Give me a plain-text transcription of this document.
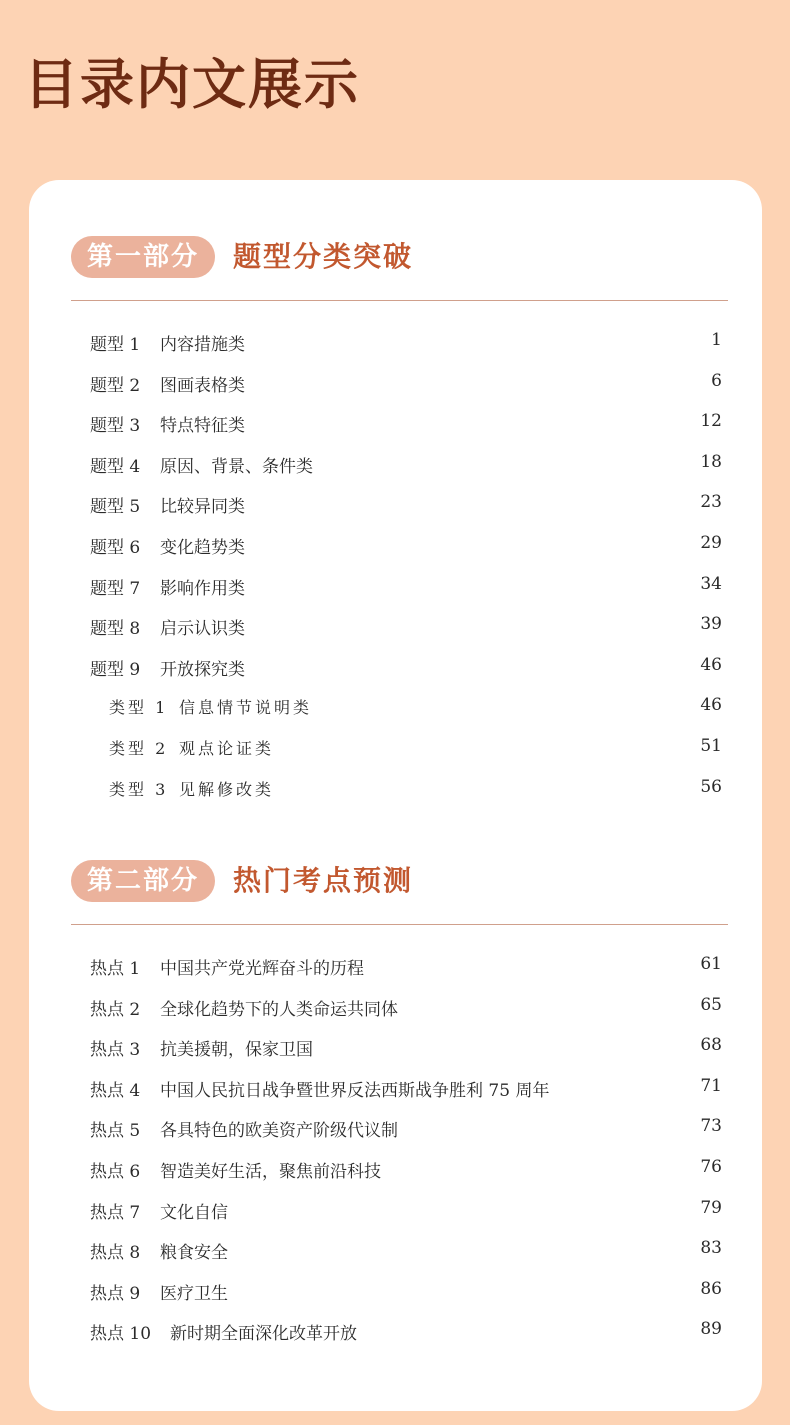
目录内文展示
第一部分	题型分类突破
题型 1 内容措施类	1
题型 2 图画表格类	6
题型 3 特点特征类	12
题型 4 原因、背景、条件类	18
题型 5 比较异同类	23
题型 6 变化趋势类	29
题型 7 影响作用类	34
题型 8 启示认识类	39
题型 9 开放探究类	46
类型 1 信息情节说明类	46
类型 2 观点论证类	51
类型 3 见解修改类	56
第二部分	热门考点预测
热点 1 中国共产党光辉奋斗的历程	61
热点 2 全球化趋势下的人类命运共同体	65
热点 3 抗美援朝，保家卫国	68
热点 4 中国人民抗日战争暨世界反法西斯战争胜利 75 周年	71
热点 5 各具特色的欧美资产阶级代议制	73
热点 6 智造美好生活，聚焦前沿科技	76
热点 7 文化自信	79
热点 8 粮食安全	83
热点 9 医疗卫生	86
热点 10 新时期全面深化改革开放	89
